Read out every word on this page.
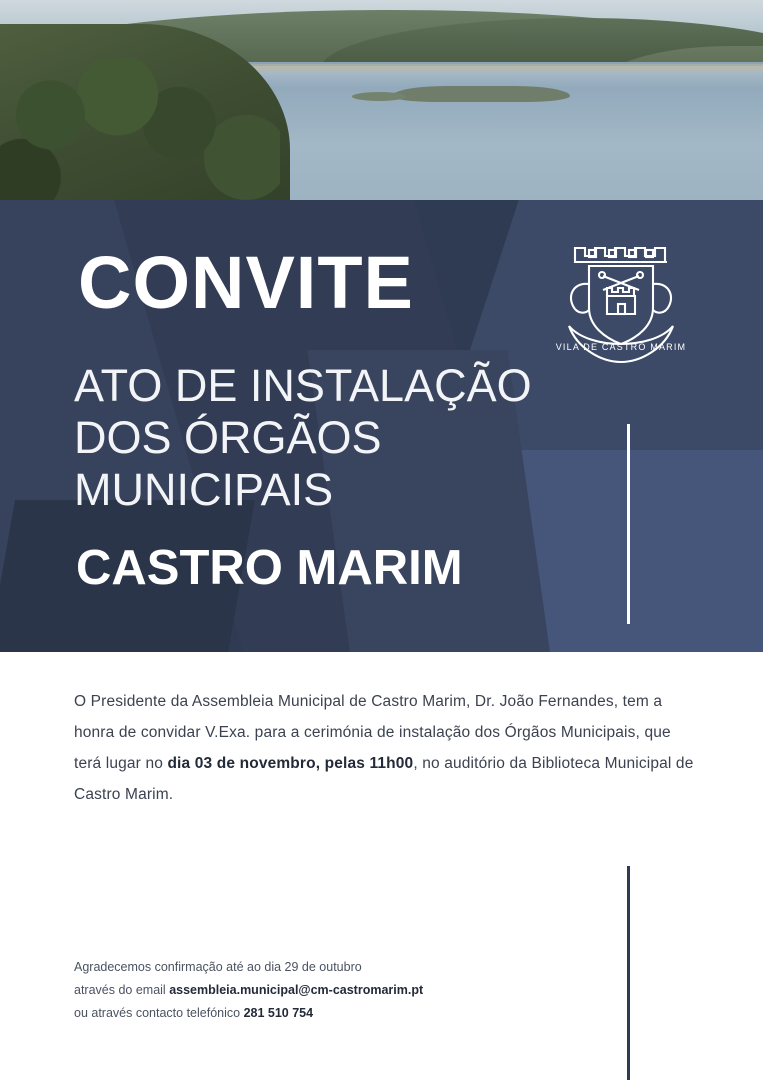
CONVITE
ATO DE INSTALAÇÃO
DOS ÓRGÃOS
MUNICIPAIS
CASTRO MARIM
VILA DE CASTRO MARIM
O Presidente da Assembleia Municipal de Castro Marim, Dr. João Fernandes, tem a honra de convidar V.Exa. para a cerimónia de instalação dos Órgãos Municipais, que terá lugar no dia 03 de novembro, pelas 11h00, no auditório da Biblioteca Municipal de Castro Marim.
Agradecemos confirmação até ao dia 29 de outubro
através do email assembleia.municipal@cm-castromarim.pt
ou através contacto telefónico 281 510 754
